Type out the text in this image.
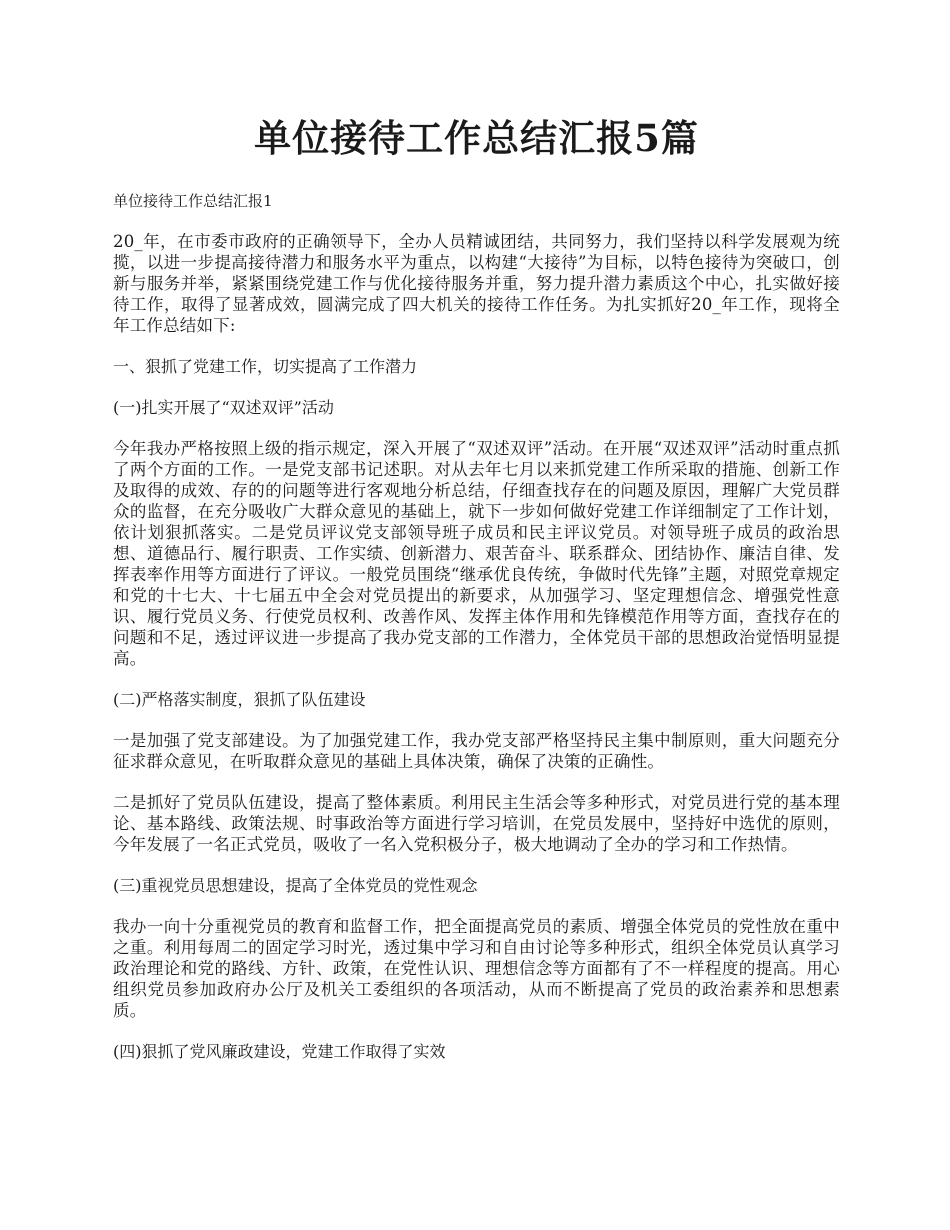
单位接待工作总结汇报5篇

单位接待工作总结汇报1

20_年，在市委市政府的正确领导下，全办人员精诚团结，共同努力，我们坚持以科学发展观为统揽，以进一步提高接待潜力和服务水平为重点，以构建“大接待”为目标，以特色接待为突破口，创新与服务并举，紧紧围绕党建工作与优化接待服务并重，努力提升潜力素质这个中心，扎实做好接待工作，取得了显著成效，圆满完成了四大机关的接待工作任务。为扎实抓好20_年工作，现将全年工作总结如下:

一、狠抓了党建工作，切实提高了工作潜力

(一)扎实开展了“双述双评”活动

今年我办严格按照上级的指示规定，深入开展了“双述双评”活动。在开展“双述双评”活动时重点抓了两个方面的工作。一是党支部书记述职。对从去年七月以来抓党建工作所采取的措施、创新工作及取得的成效、存的的问题等进行客观地分析总结，仔细查找存在的问题及原因，理解广大党员群众的监督，在充分吸收广大群众意见的基础上，就下一步如何做好党建工作详细制定了工作计划，依计划狠抓落实。二是党员评议党支部领导班子成员和民主评议党员。对领导班子成员的政治思想、道德品行、履行职责、工作实绩、创新潜力、艰苦奋斗、联系群众、团结协作、廉洁自律、发挥表率作用等方面进行了评议。一般党员围绕“继承优良传统，争做时代先锋”主题，对照党章规定和党的十七大、十七届五中全会对党员提出的新要求，从加强学习、坚定理想信念、增强党性意识、履行党员义务、行使党员权利、改善作风、发挥主体作用和先锋模范作用等方面，查找存在的问题和不足，透过评议进一步提高了我办党支部的工作潜力，全体党员干部的思想政治觉悟明显提高。

(二)严格落实制度，狠抓了队伍建设

一是加强了党支部建设。为了加强党建工作，我办党支部严格坚持民主集中制原则，重大问题充分征求群众意见，在听取群众意见的基础上具体决策，确保了决策的正确性。

二是抓好了党员队伍建设，提高了整体素质。利用民主生活会等多种形式，对党员进行党的基本理论、基本路线、政策法规、时事政治等方面进行学习培训，在党员发展中，坚持好中选优的原则，今年发展了一名正式党员，吸收了一名入党积极分子，极大地调动了全办的学习和工作热情。

(三)重视党员思想建设，提高了全体党员的党性观念

我办一向十分重视党员的教育和监督工作，把全面提高党员的素质、增强全体党员的党性放在重中之重。利用每周二的固定学习时光，透过集中学习和自由讨论等多种形式，组织全体党员认真学习政治理论和党的路线、方针、政策，在党性认识、理想信念等方面都有了不一样程度的提高。用心组织党员参加政府办公厅及机关工委组织的各项活动，从而不断提高了党员的政治素养和思想素质。

(四)狠抓了党风廉政建设，党建工作取得了实效
